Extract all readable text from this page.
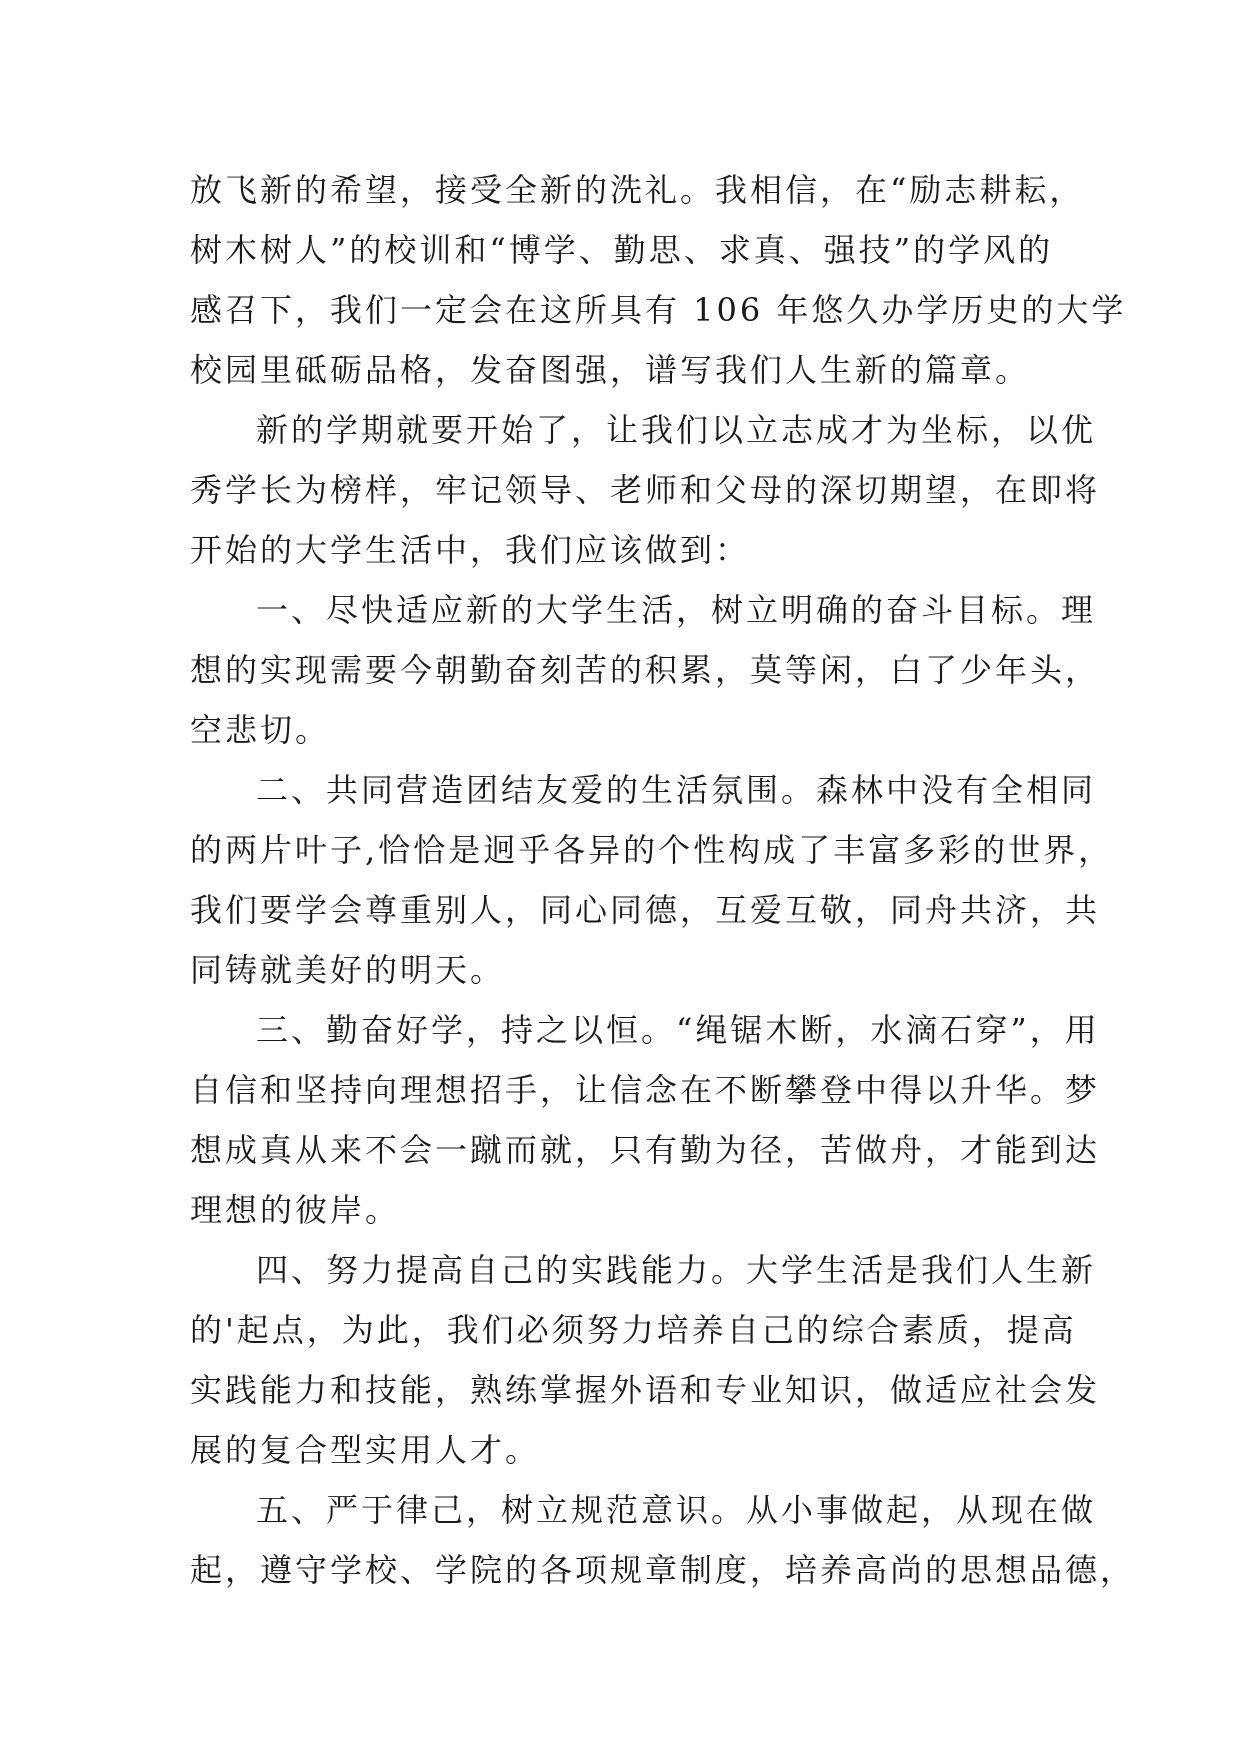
放飞新的希望，接受全新的洗礼。我相信，在“励志耕耘，
树木树人”的校训和“博学、勤思、求真、强技”的学风的
感召下，我们一定会在这所具有 106 年悠久办学历史的大学
校园里砥砺品格，发奋图强，谱写我们人生新的篇章。
新的学期就要开始了，让我们以立志成才为坐标，以优
秀学长为榜样，牢记领导、老师和父母的深切期望，在即将
开始的大学生活中，我们应该做到：
一、尽快适应新的大学生活，树立明确的奋斗目标。理
想的实现需要今朝勤奋刻苦的积累，莫等闲，白了少年头，
空悲切。
二、共同营造团结友爱的生活氛围。森林中没有全相同
的两片叶子,恰恰是迥乎各异的个性构成了丰富多彩的世界，
我们要学会尊重别人，同心同德，互爱互敬，同舟共济，共
同铸就美好的明天。
三、勤奋好学，持之以恒。“绳锯木断，水滴石穿”，用
自信和坚持向理想招手，让信念在不断攀登中得以升华。梦
想成真从来不会一蹴而就，只有勤为径，苦做舟，才能到达
理想的彼岸。
四、努力提高自己的实践能力。大学生活是我们人生新
的'起点，为此，我们必须努力培养自己的综合素质，提高
实践能力和技能，熟练掌握外语和专业知识，做适应社会发
展的复合型实用人才。
五、严于律己，树立规范意识。从小事做起，从现在做
起，遵守学校、学院的各项规章制度，培养高尚的思想品德，
